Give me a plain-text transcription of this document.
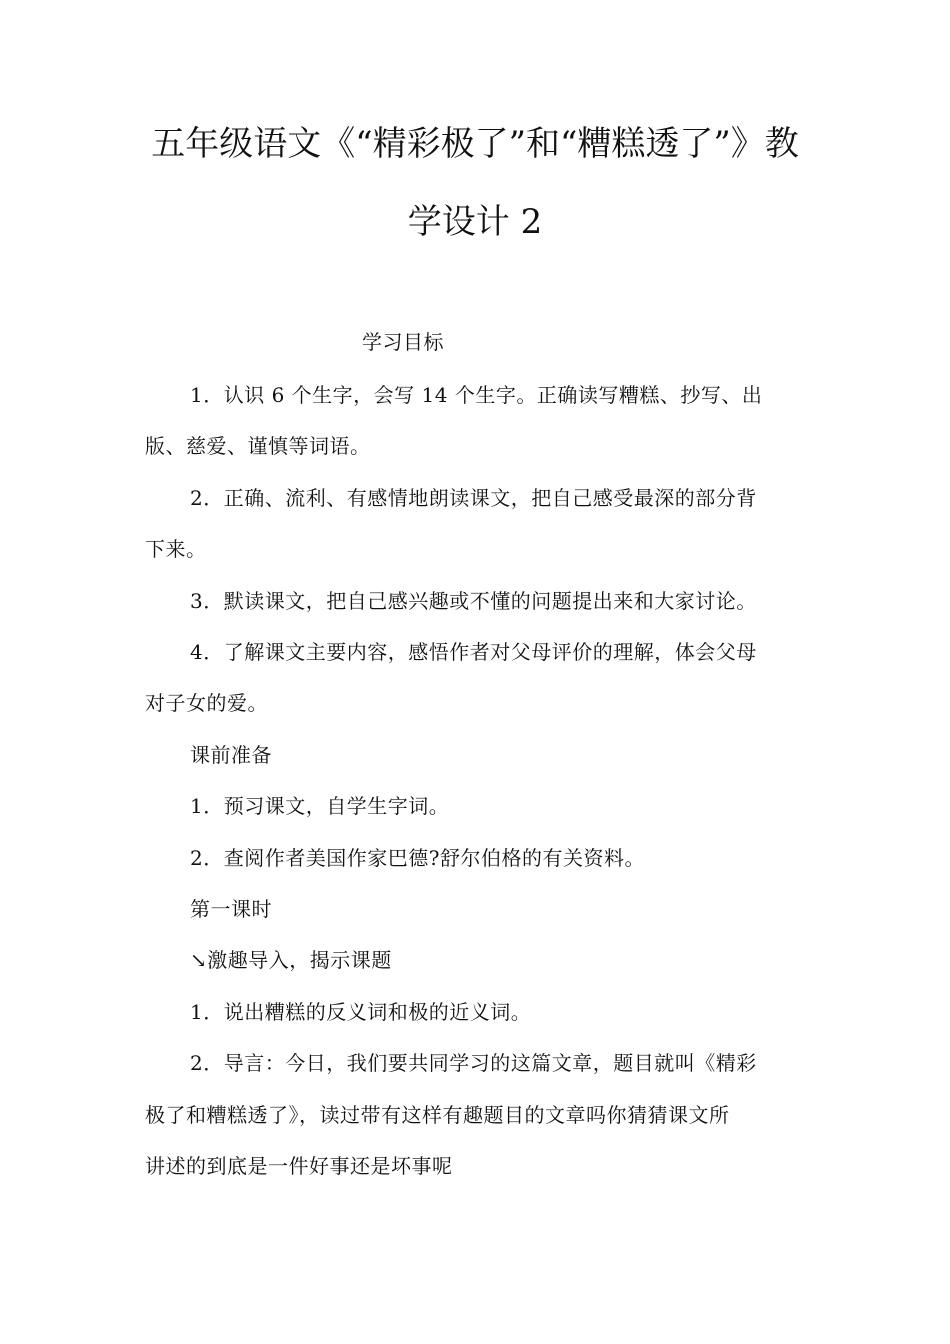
五年级语文《“精彩极了”和“糟糕透了”》教
学设计 2
学习目标
1．认识 6 个生字，会写 14 个生字。正确读写糟糕、抄写、出
版、慈爱、谨慎等词语。
2．正确、流利、有感情地朗读课文，把自己感受最深的部分背
下来。
3．默读课文，把自己感兴趣或不懂的问题提出来和大家讨论。
4．了解课文主要内容，感悟作者对父母评价的理解，体会父母
对子女的爱。
课前准备
1．预习课文，自学生字词。
2．查阅作者美国作家巴德?舒尔伯格的有关资料。
第一课时
↘激趣导入，揭示课题
1．说出糟糕的反义词和极的近义词。
2．导言：今日，我们要共同学习的这篇文章，题目就叫《精彩
极了和糟糕透了》，读过带有这样有趣题目的文章吗你猜猜课文所
讲述的到底是一件好事还是坏事呢
